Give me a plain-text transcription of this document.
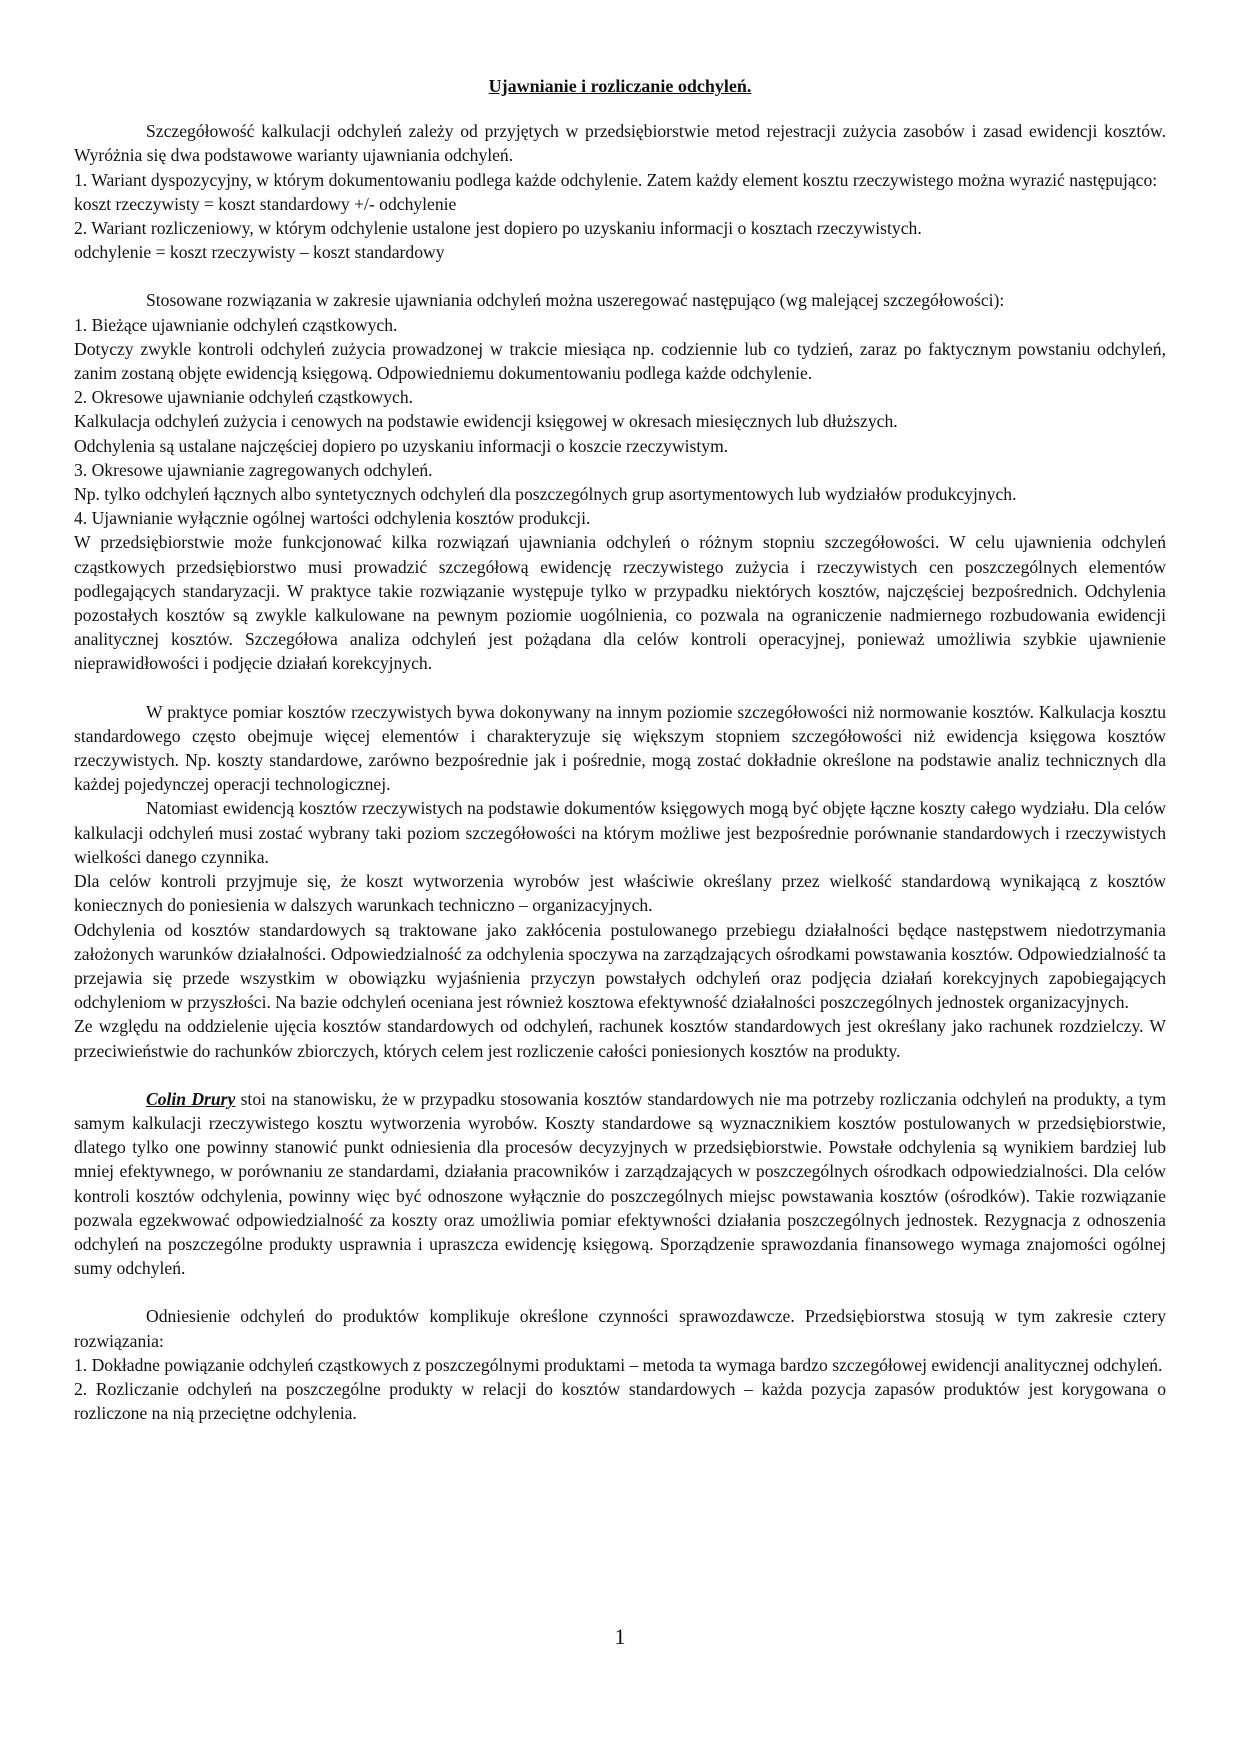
Ujawnianie i rozliczanie odchyleń.

Szczegółowość kalkulacji odchyleń zależy od przyjętych w przedsiębiorstwie metod rejestracji zużycia zasobów i zasad ewidencji kosztów. Wyróżnia się dwa podstawowe warianty ujawniania odchyleń.

1. Wariant dyspozycyjny, w którym dokumentowaniu podlega każde odchylenie. Zatem każdy element kosztu rzeczywistego można wyrazić następująco:

koszt rzeczywisty = koszt standardowy +/- odchylenie

2. Wariant rozliczeniowy, w którym odchylenie ustalone jest dopiero po uzyskaniu informacji o kosztach rzeczywistych.

odchylenie = koszt rzeczywisty – koszt standardowy

Stosowane rozwiązania w zakresie ujawniania odchyleń można uszeregować następująco (wg malejącej szczegółowości):

1. Bieżące ujawnianie odchyleń cząstkowych.

Dotyczy zwykle kontroli odchyleń zużycia prowadzonej w trakcie miesiąca np. codziennie lub co tydzień, zaraz po faktycznym powstaniu odchyleń, zanim zostaną objęte ewidencją księgową. Odpowiedniemu dokumentowaniu podlega każde odchylenie.

2. Okresowe ujawnianie odchyleń cząstkowych.

Kalkulacja odchyleń zużycia i cenowych na podstawie ewidencji księgowej w okresach miesięcznych lub dłuższych.

Odchylenia są ustalane najczęściej dopiero po uzyskaniu informacji o koszcie rzeczywistym.

3. Okresowe ujawnianie zagregowanych odchyleń.

Np. tylko odchyleń łącznych albo syntetycznych odchyleń dla poszczególnych grup asortymentowych lub wydziałów produkcyjnych.

4. Ujawnianie wyłącznie ogólnej wartości odchylenia kosztów produkcji.

W przedsiębiorstwie może funkcjonować kilka rozwiązań ujawniania odchyleń o różnym stopniu szczegółowości. W celu ujawnienia odchyleń cząstkowych przedsiębiorstwo musi prowadzić szczegółową ewidencję rzeczywistego zużycia i rzeczywistych cen poszczególnych elementów podlegających standaryzacji. W praktyce takie rozwiązanie występuje tylko w przypadku niektórych kosztów, najczęściej bezpośrednich. Odchylenia pozostałych kosztów są zwykle kalkulowane na pewnym poziomie uogólnienia, co pozwala na ograniczenie nadmiernego rozbudowania ewidencji analitycznej kosztów. Szczegółowa analiza odchyleń jest pożądana dla celów kontroli operacyjnej, ponieważ umożliwia szybkie ujawnienie nieprawidłowości i podjęcie działań korekcyjnych.

W praktyce pomiar kosztów rzeczywistych bywa dokonywany na innym poziomie szczegółowości niż normowanie kosztów. Kalkulacja kosztu standardowego często obejmuje więcej elementów i charakteryzuje się większym stopniem szczegółowości niż ewidencja księgowa kosztów rzeczywistych. Np. koszty standardowe, zarówno bezpośrednie jak i pośrednie, mogą zostać dokładnie określone na podstawie analiz technicznych dla każdej pojedynczej operacji technologicznej.

Natomiast ewidencją kosztów rzeczywistych na podstawie dokumentów księgowych mogą być objęte łączne koszty całego wydziału. Dla celów kalkulacji odchyleń musi zostać wybrany taki poziom szczegółowości na którym możliwe jest bezpośrednie porównanie standardowych i rzeczywistych wielkości danego czynnika.

Dla celów kontroli przyjmuje się, że koszt wytworzenia wyrobów jest właściwie określany przez wielkość standardową wynikającą z kosztów koniecznych do poniesienia w dalszych warunkach techniczno – organizacyjnych.

Odchylenia od kosztów standardowych są traktowane jako zakłócenia postulowanego przebiegu działalności będące następstwem niedotrzymania założonych warunków działalności. Odpowiedzialność za odchylenia spoczywa na zarządzających ośrodkami powstawania kosztów. Odpowiedzialność ta przejawia się przede wszystkim w obowiązku wyjaśnienia przyczyn powstałych odchyleń oraz podjęcia działań korekcyjnych zapobiegających odchyleniom w przyszłości. Na bazie odchyleń oceniana jest również kosztowa efektywność działalności poszczególnych jednostek organizacyjnych.

Ze względu na oddzielenie ujęcia kosztów standardowych od odchyleń, rachunek kosztów standardowych jest określany jako rachunek rozdzielczy. W przeciwieństwie do rachunków zbiorczych, których celem jest rozliczenie całości poniesionych kosztów na produkty.

Colin Drury stoi na stanowisku, że w przypadku stosowania kosztów standardowych nie ma potrzeby rozliczania odchyleń na produkty, a tym samym kalkulacji rzeczywistego kosztu wytworzenia wyrobów. Koszty standardowe są wyznacznikiem kosztów postulowanych w przedsiębiorstwie, dlatego tylko one powinny stanowić punkt odniesienia dla procesów decyzyjnych w przedsiębiorstwie. Powstałe odchylenia są wynikiem bardziej lub mniej efektywnego, w porównaniu ze standardami, działania pracowników i zarządzających w poszczególnych ośrodkach odpowiedzialności. Dla celów kontroli kosztów odchylenia, powinny więc być odnoszone wyłącznie do poszczególnych miejsc powstawania kosztów (ośrodków). Takie rozwiązanie pozwala egzekwować odpowiedzialność za koszty oraz umożliwia pomiar efektywności działania poszczególnych jednostek. Rezygnacja z odnoszenia odchyleń na poszczególne produkty usprawnia i upraszcza ewidencję księgową. Sporządzenie sprawozdania finansowego wymaga znajomości ogólnej sumy odchyleń.

Odniesienie odchyleń do produktów komplikuje określone czynności sprawozdawcze. Przedsiębiorstwa stosują w tym zakresie cztery rozwiązania:

1. Dokładne powiązanie odchyleń cząstkowych z poszczególnymi produktami – metoda ta wymaga bardzo szczegółowej ewidencji analitycznej odchyleń.

2. Rozliczanie odchyleń na poszczególne produkty w relacji do kosztów standardowych – każda pozycja zapasów produktów jest korygowana o rozliczone na nią przeciętne odchylenia.

1
